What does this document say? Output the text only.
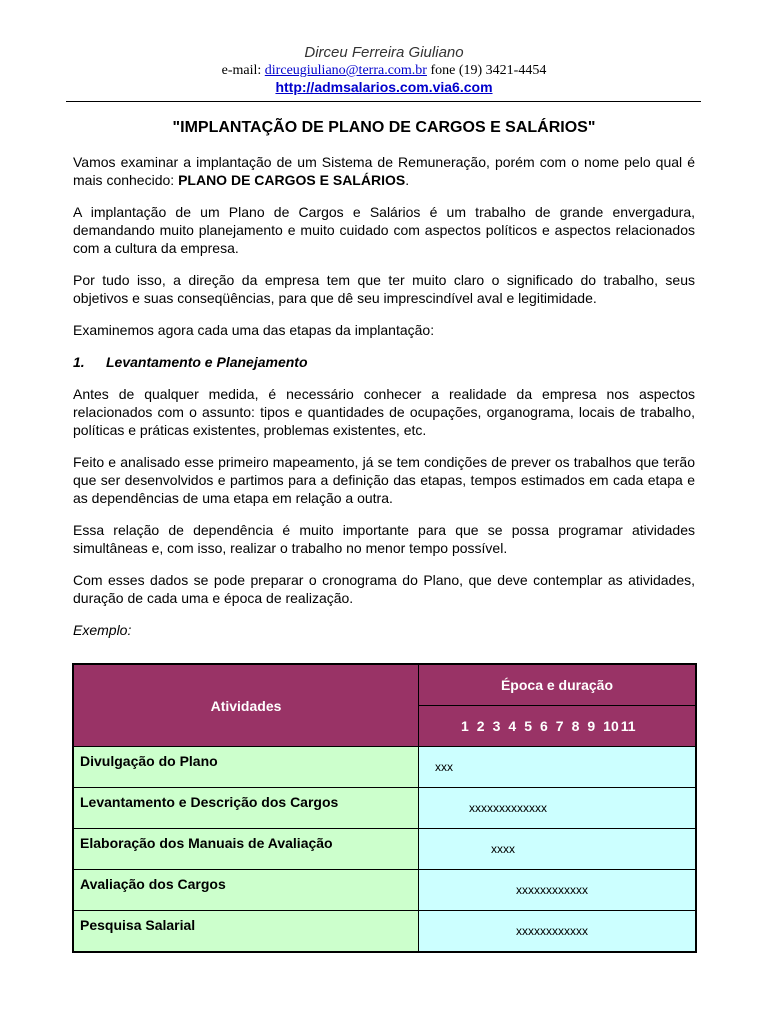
Dirceu Ferreira Giuliano
e-mail: dirceugiuliano@terra.com.br fone (19) 3421-4454
http://admsalarios.com.via6.com
"IMPLANTAÇÃO DE PLANO DE CARGOS E SALÁRIOS"

Vamos examinar a implantação de um Sistema de Remuneração, porém com o nome pelo qual é mais conhecido: PLANO DE CARGOS E SALÁRIOS.

A implantação de um Plano de Cargos e Salários é um trabalho de grande envergadura, demandando muito planejamento e muito cuidado com aspectos políticos e aspectos relacionados com a cultura da empresa.

Por tudo isso, a direção da empresa tem que ter muito claro o significado do trabalho, seus objetivos e suas conseqüências, para que dê seu imprescindível aval e legitimidade.

Examinemos agora cada uma das etapas da implantação:

1. Levantamento e Planejamento

Antes de qualquer medida, é necessário conhecer a realidade da empresa nos aspectos relacionados com o assunto: tipos e quantidades de ocupações, organograma, locais de trabalho, políticas e práticas existentes, problemas existentes, etc.

Feito e analisado esse primeiro mapeamento, já se tem condições de prever os trabalhos que terão que ser desenvolvidos e partimos para a definição das etapas, tempos estimados em cada etapa e as dependências de uma etapa em relação a outra.

Essa relação de dependência é muito importante para que se possa programar atividades simultâneas e, com isso, realizar o trabalho no menor tempo possível.

Com esses dados se pode preparar o cronograma do Plano, que deve contemplar as atividades, duração de cada uma e época de realização.

Exemplo:
Atividades	Época e duração
	1 2 3 4 5 6 7 8 9 10 11
Divulgação do Plano	xxx
Levantamento e Descrição dos Cargos	xxxxxxxxxxxxx
Elaboração dos Manuais de Avaliação	xxxx
Avaliação dos Cargos	xxxxxxxxxxxx
Pesquisa Salarial	xxxxxxxxxxxx
